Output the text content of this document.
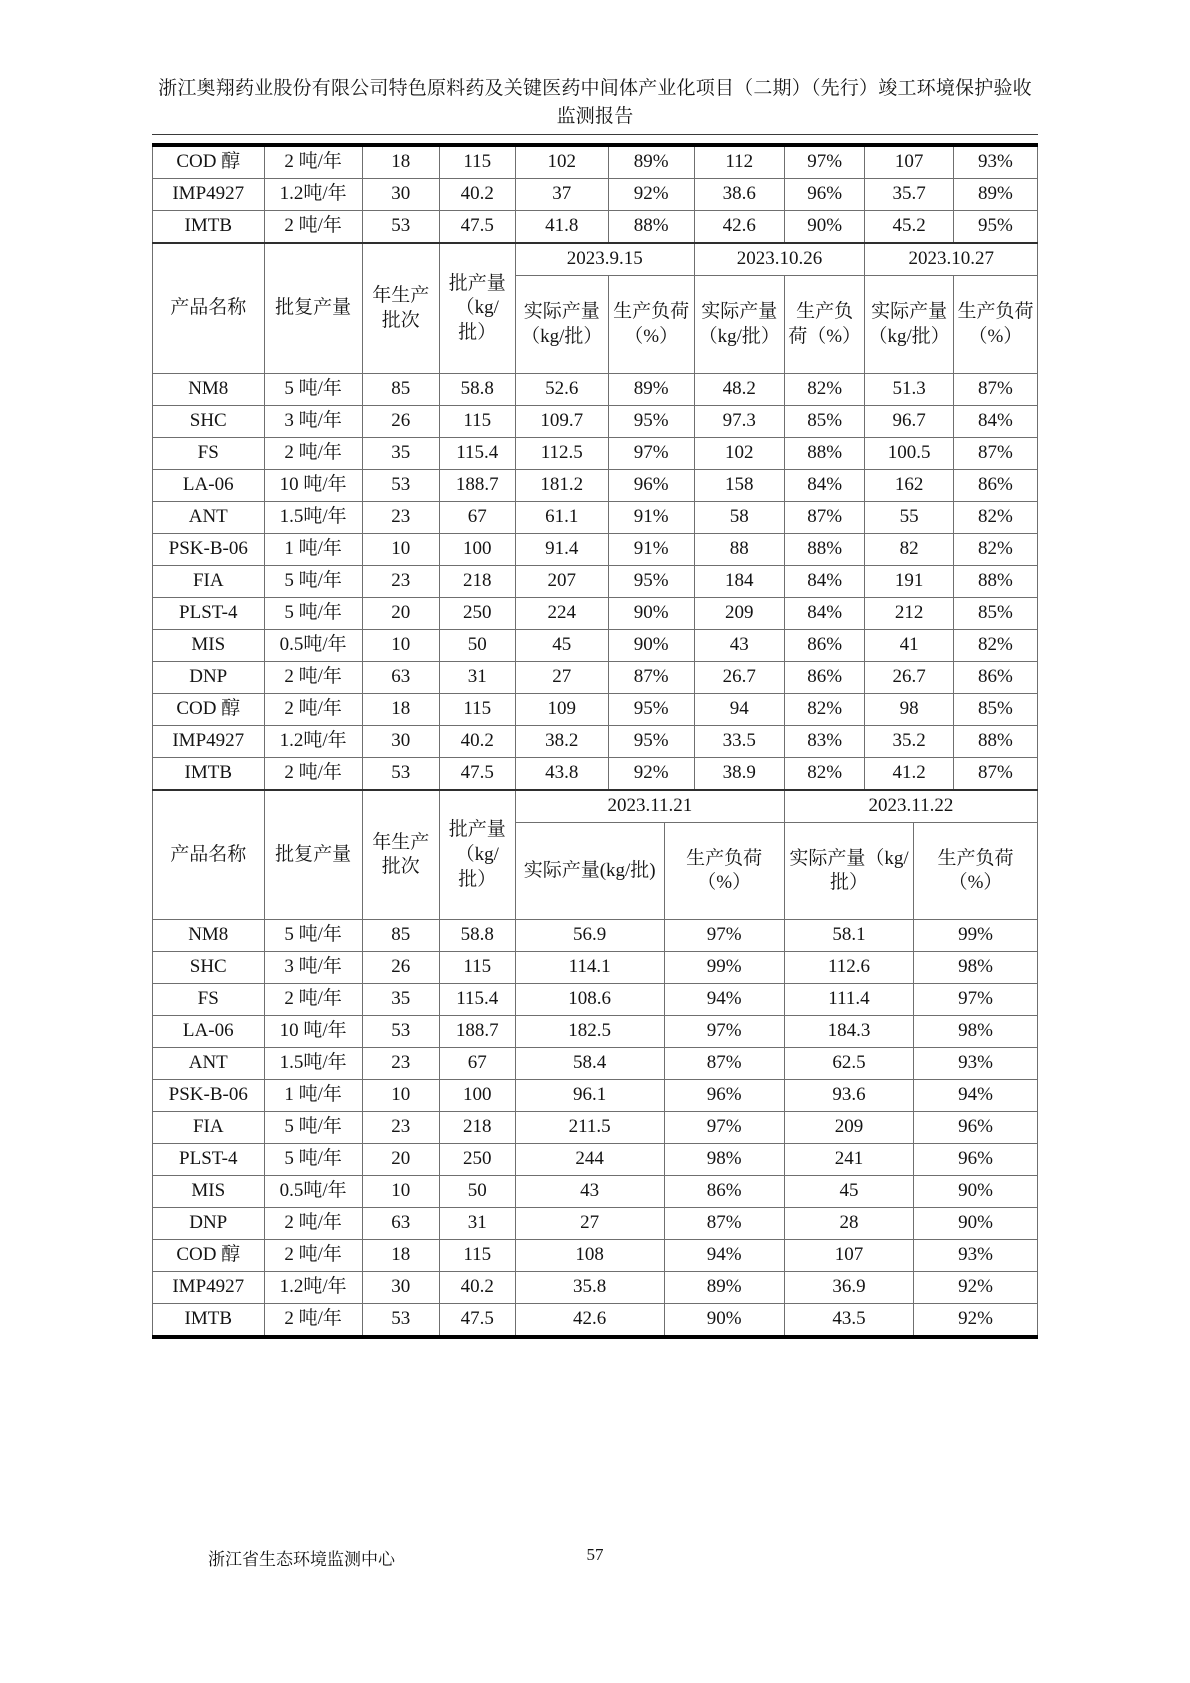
浙江奥翔药业股份有限公司特色原料药及关键医药中间体产业化项目（二期）（先行）竣工环境保护验收
监测报告
COD 醇	2 吨/年	18	115	102	89%	112	97%	107	93%
IMP4927	1.2吨/年	30	40.2	37	92%	38.6	96%	35.7	89%
IMTB	2 吨/年	53	47.5	41.8	88%	42.6	90%	45.2	95%
产品名称	批复产量	年生产批次	批产量（kg/批）	2023.9.15		2023.10.26		2023.10.27	
				实际产量（kg/批）	生产负荷（%）	实际产量（kg/批）	生产负荷（%）	实际产量（kg/批）	生产负荷（%）
NM8	5 吨/年	85	58.8	52.6	89%	48.2	82%	51.3	87%
SHC	3 吨/年	26	115	109.7	95%	97.3	85%	96.7	84%
FS	2 吨/年	35	115.4	112.5	97%	102	88%	100.5	87%
LA-06	10 吨/年	53	188.7	181.2	96%	158	84%	162	86%
ANT	1.5吨/年	23	67	61.1	91%	58	87%	55	82%
PSK-B-06	1 吨/年	10	100	91.4	91%	88	88%	82	82%
FIA	5 吨/年	23	218	207	95%	184	84%	191	88%
PLST-4	5 吨/年	20	250	224	90%	209	84%	212	85%
MIS	0.5吨/年	10	50	45	90%	43	86%	41	82%
DNP	2 吨/年	63	31	27	87%	26.7	86%	26.7	86%
COD 醇	2 吨/年	18	115	109	95%	94	82%	98	85%
IMP4927	1.2吨/年	30	40.2	38.2	95%	33.5	83%	35.2	88%
IMTB	2 吨/年	53	47.5	43.8	92%	38.9	82%	41.2	87%
产品名称	批复产量	年生产批次	批产量（kg/批）	2023.11.21		2023.11.22	
				实际产量(kg/批)	生产负荷（%）	实际产量（kg/批）	生产负荷（%）
NM8	5 吨/年	85	58.8	56.9	97%	58.1	99%
SHC	3 吨/年	26	115	114.1	99%	112.6	98%
FS	2 吨/年	35	115.4	108.6	94%	111.4	97%
LA-06	10 吨/年	53	188.7	182.5	97%	184.3	98%
ANT	1.5吨/年	23	67	58.4	87%	62.5	93%
PSK-B-06	1 吨/年	10	100	96.1	96%	93.6	94%
FIA	5 吨/年	23	218	211.5	97%	209	96%
PLST-4	5 吨/年	20	250	244	98%	241	96%
MIS	0.5吨/年	10	50	43	86%	45	90%
DNP	2 吨/年	63	31	27	87%	28	90%
COD 醇	2 吨/年	18	115	108	94%	107	93%
IMP4927	1.2吨/年	30	40.2	35.8	89%	36.9	92%
IMTB	2 吨/年	53	47.5	42.6	90%	43.5	92%
57
浙江省生态环境监测中心
